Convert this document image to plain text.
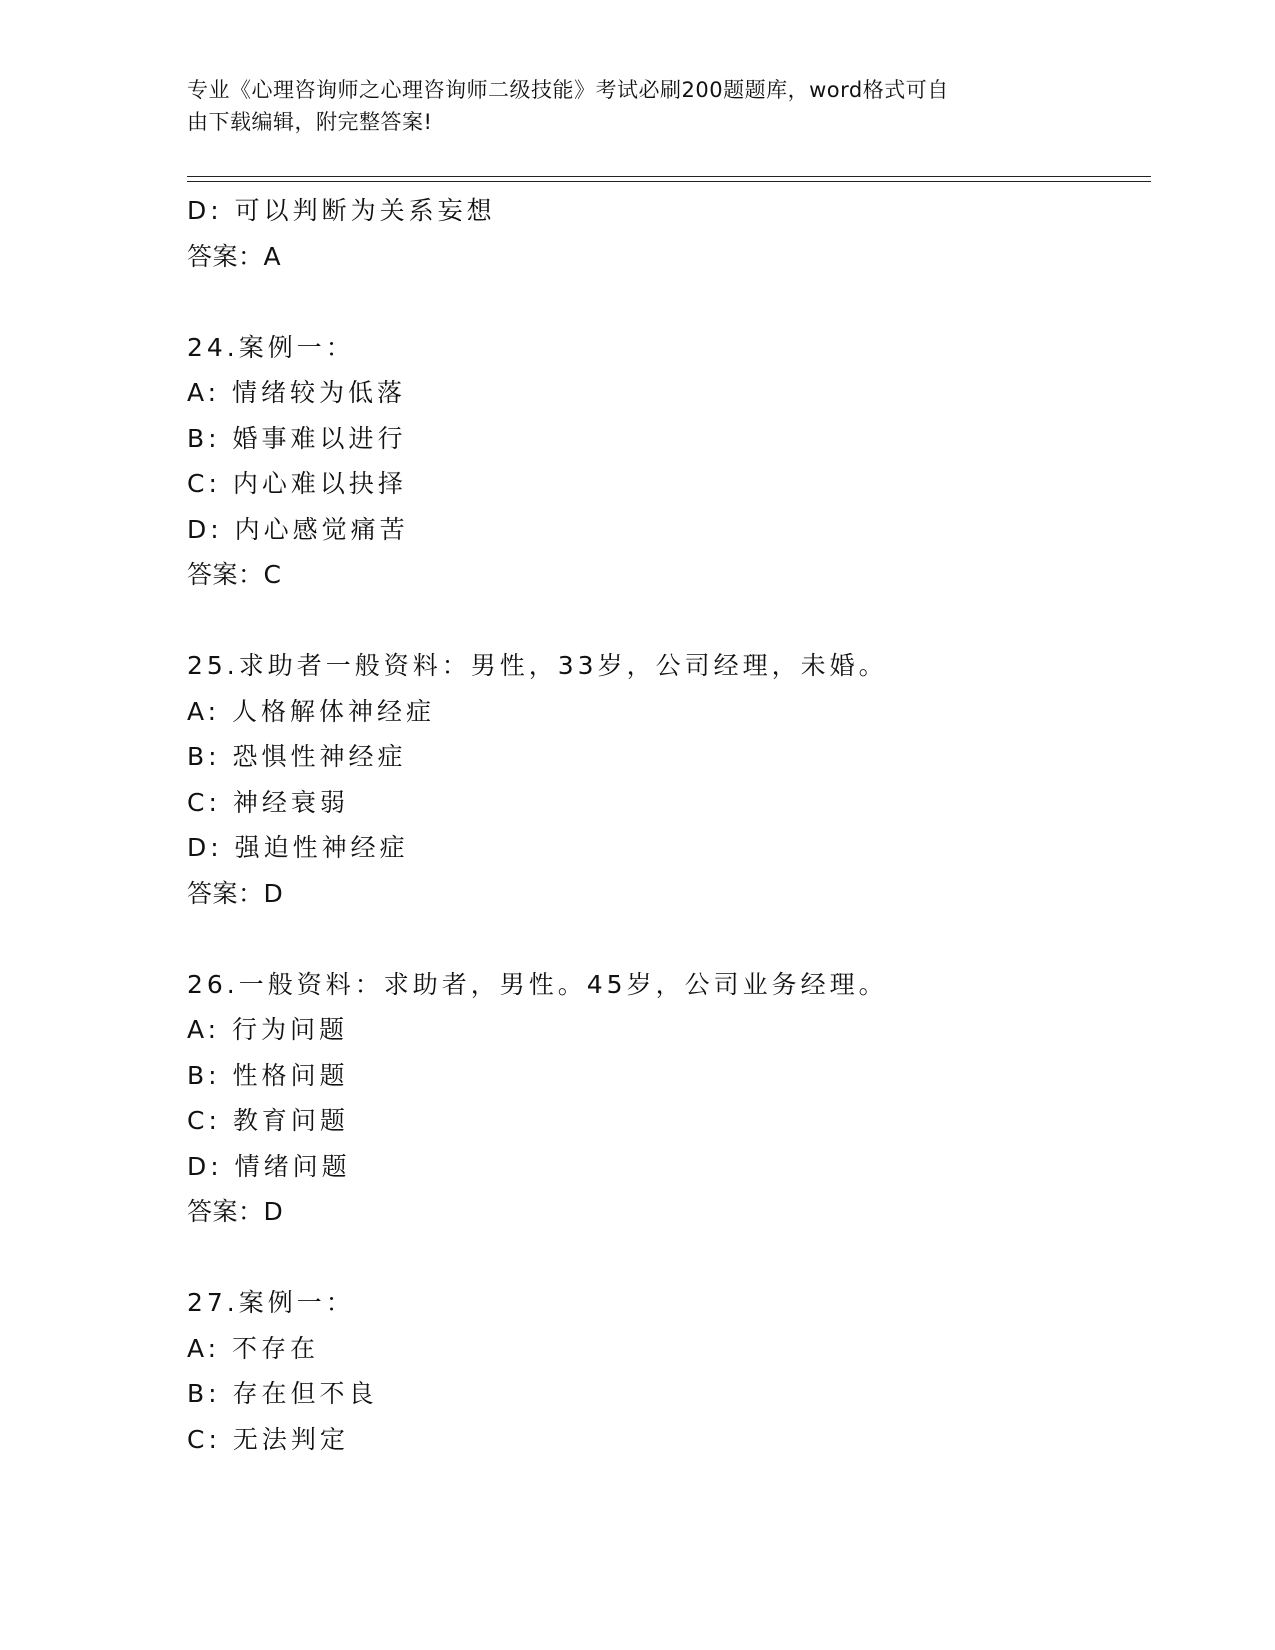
专业《心理咨询师之心理咨询师二级技能》考试必刷200题题库，word格式可自
由下载编辑，附完整答案!
D: 可以判断为关系妄想
答案：A
24.案例一：
A: 情绪较为低落
B: 婚事难以进行
C: 内心难以抉择
D: 内心感觉痛苦
答案：C
25.求助者一般资料：男性，33岁，公司经理，未婚。
A: 人格解体神经症
B: 恐惧性神经症
C: 神经衰弱
D: 强迫性神经症
答案：D
26.一般资料：求助者，男性。45岁，公司业务经理。
A: 行为问题
B: 性格问题
C: 教育问题
D: 情绪问题
答案：D
27.案例一：
A: 不存在
B: 存在但不良
C: 无法判定
